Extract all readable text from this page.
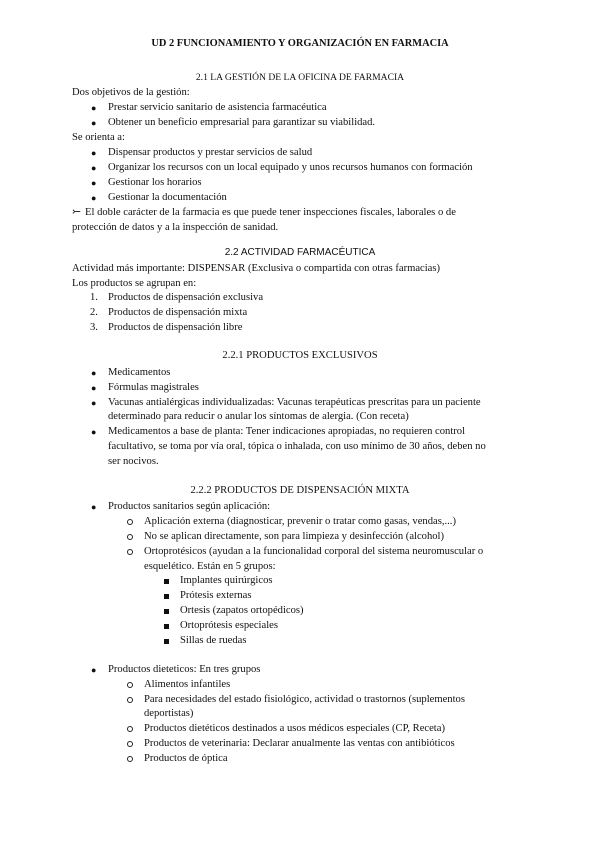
UD 2 FUNCIONAMIENTO Y ORGANIZACIÓN EN FARMACIA
2.1 LA GESTIÓN DE LA OFICINA DE FARMACIA
Dos objetivos de la gestión:
● Prestar servicio sanitario de asistencia farmacéutica
● Obtener un beneficio empresarial para garantizar su viabilidad.
Se orienta a:
● Dispensar productos y prestar servicios de salud
● Organizar los recursos con un local equipado y unos recursos humanos con formación
● Gestionar los horarios
● Gestionar la documentación
⤚ El doble carácter de la farmacia es que puede tener inspecciones fiscales, laborales o de
protección de datos y a la inspección de sanidad.
2.2 ACTIVIDAD FARMACÉUTICA
Actividad más importante: DISPENSAR (Exclusiva o compartida con otras farmacias)
Los productos se agrupan en:
1. Productos de dispensación exclusiva
2. Productos de dispensación mixta
3. Productos de dispensación libre
2.2.1 PRODUCTOS EXCLUSIVOS
● Medicamentos
● Fórmulas magistrales
● Vacunas antialérgicas individualizadas: Vacunas terapéuticas prescritas para un paciente
determinado para reducir o anular los síntomas de alergia. (Con receta)
● Medicamentos a base de planta: Tener indicaciones apropiadas, no requieren control
facultativo, se toma por vía oral, tópica o inhalada, con uso mínimo de 30 años, deben no
ser nocivos.
2.2.2 PRODUCTOS DE DISPENSACIÓN MIXTA
● Productos sanitarios según aplicación:
Aplicación externa (diagnosticar, prevenir o tratar como gasas, vendas,...)
No se aplican directamente, son para limpieza y desinfección (alcohol)
Ortoprotésicos (ayudan a la funcionalidad corporal del sistema neuromuscular o
esquelético. Están en 5 grupos:
Implantes quirúrgicos
Prótesis externas
Ortesis (zapatos ortopédicos)
Ortoprótesis especiales
Sillas de ruedas
● Productos dieteticos: En tres grupos
Alimentos infantiles
Para necesidades del estado fisiológico, actividad o trastornos (suplementos
deportistas)
Productos dietéticos destinados a usos médicos especiales (CP, Receta)
Productos de veterinaria: Declarar anualmente las ventas con antibióticos
Productos de óptica
